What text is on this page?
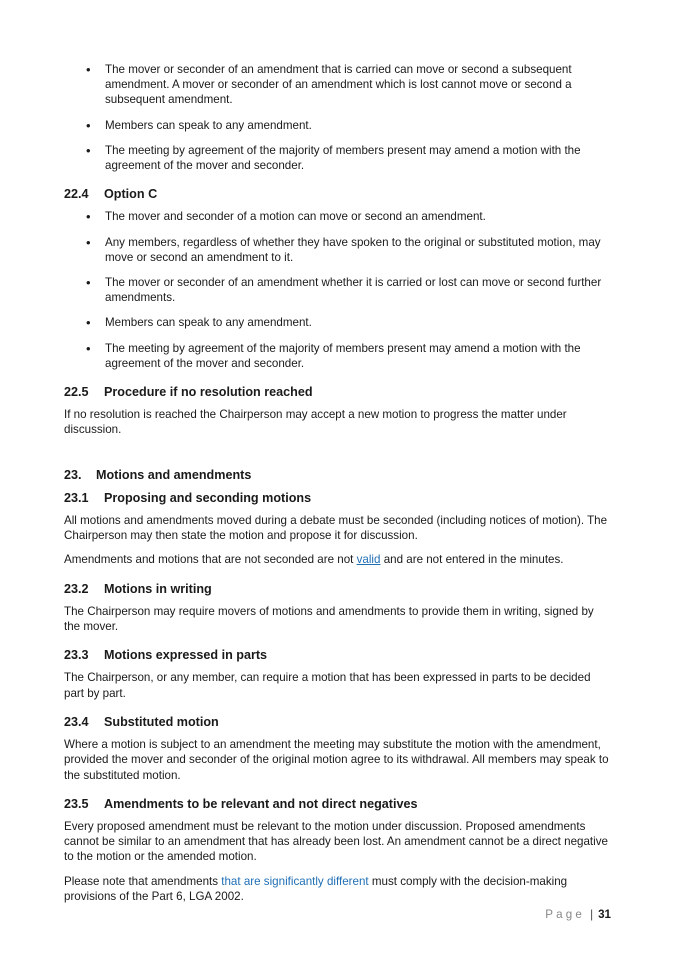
• The mover or seconder of an amendment that is carried can move or second a subsequent amendment. A mover or seconder of an amendment which is lost cannot move or second a subsequent amendment.
• Members can speak to any amendment.
• The meeting by agreement of the majority of members present may amend a motion with the agreement of the mover and seconder.
22.4	Option C
• The mover and seconder of a motion can move or second an amendment.
• Any members, regardless of whether they have spoken to the original or substituted motion, may move or second an amendment to it.
• The mover or seconder of an amendment whether it is carried or lost can move or second further amendments.
• Members can speak to any amendment.
• The meeting by agreement of the majority of members present may amend a motion with the agreement of the mover and seconder.
22.5	Procedure if no resolution reached

If no resolution is reached the Chairperson may accept a new motion to progress the matter under discussion.

23.	Motions and amendments
23.1	Proposing and seconding motions

All motions and amendments moved during a debate must be seconded (including notices of motion). The Chairperson may then state the motion and propose it for discussion.

Amendments and motions that are not seconded are not valid and are not entered in the minutes.

23.2	Motions in writing

The Chairperson may require movers of motions and amendments to provide them in writing, signed by the mover.

23.3	Motions expressed in parts

The Chairperson, or any member, can require a motion that has been expressed in parts to be decided part by part.

23.4	Substituted motion

Where a motion is subject to an amendment the meeting may substitute the motion with the amendment, provided the mover and seconder of the original motion agree to its withdrawal. All members may speak to the substituted motion.

23.5	Amendments to be relevant and not direct negatives

Every proposed amendment must be relevant to the motion under discussion. Proposed amendments cannot be similar to an amendment that has already been lost. An amendment cannot be a direct negative to the motion or the amended motion.

Please note that amendments that are significantly different must comply with the decision-making provisions of the Part 6, LGA 2002.

Page | 31
